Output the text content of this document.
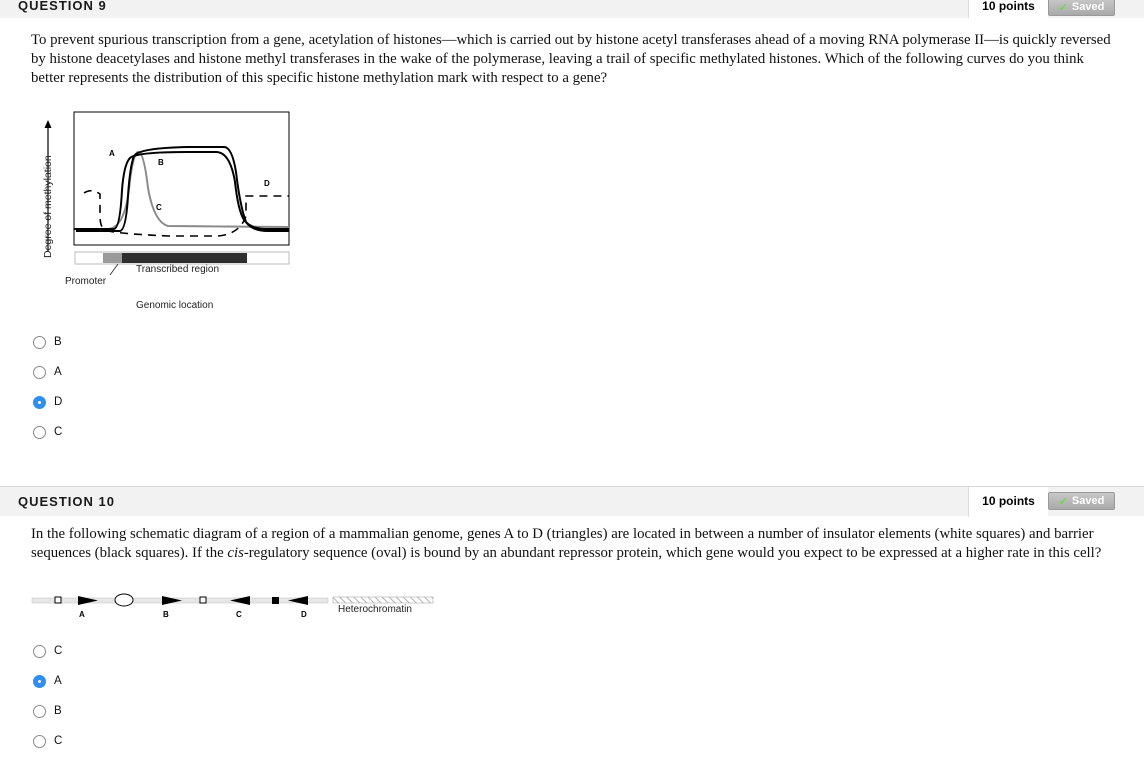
QUESTION 9	10 points	✓ Saved
To prevent spurious transcription from a gene, acetylation of histones—which is carried out by histone acetyl transferases ahead of a moving RNA polymerase II—is quickly reversed by histone deacetylases and histone methyl transferases in the wake of the polymerase, leaving a trail of specific methylated histones. Which of the following curves do you think better represents the distribution of this specific histone methylation mark with respect to a gene?
Degree of methylation
A
B
C
D
Transcribed region
Promoter
Genomic location
B
A
D
C
QUESTION 10	10 points	✓ Saved
In the following schematic diagram of a region of a mammalian genome, genes A to D (triangles) are located in between a number of insulator elements (white squares) and barrier sequences (black squares). If the cis-regulatory sequence (oval) is bound by an abundant repressor protein, which gene would you expect to be expressed at a higher rate in this cell?
A	B	C	D	Heterochromatin
C
A
B
C
